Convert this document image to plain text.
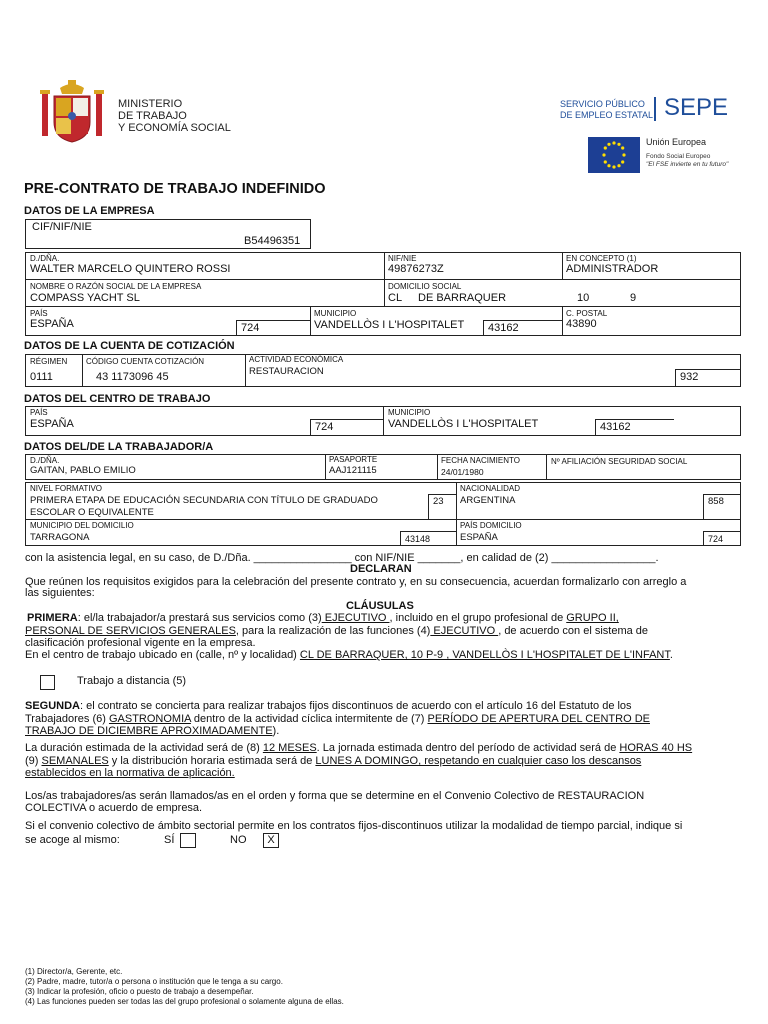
MINISTERIO
DE TRABAJO
Y ECONOMÍA SOCIAL
SERVICIO PÚBLICO
DE EMPLEO ESTATAL SEPE
Unión Europea
Fondo Social Europeo
"El FSE invierte en tu futuro"
PRE-CONTRATO DE TRABAJO INDEFINIDO
DATOS DE LA EMPRESA
CIF/NIF/NIE
B54496351
D./DÑA.
WALTER MARCELO QUINTERO ROSSI
NIF/NIE
49876273Z
EN CONCEPTO (1)
ADMINISTRADOR
NOMBRE O RAZÓN SOCIAL DE LA EMPRESA
COMPASS YACHT SL
DOMICILIO SOCIAL
CL DE BARRAQUER	10	9
PAÍS
ESPAÑA	724
MUNICIPIO
VANDELLÒS I L'HOSPITALET	43162
C. POSTAL
43890
DATOS DE LA CUENTA DE COTIZACIÓN
RÉGIMEN
0111
CÓDIGO CUENTA COTIZACIÓN
43 1173096 45
ACTIVIDAD ECONÓMICA
RESTAURACION	932
DATOS DEL CENTRO DE TRABAJO
PAÍS
ESPAÑA	724
MUNICIPIO
VANDELLÒS I L'HOSPITALET	43162
DATOS DEL/DE LA TRABAJADOR/A
D./DÑA.
GAITAN, PABLO EMILIO
PASAPORTE
AAJ121115
FECHA NACIMIENTO
24/01/1980
Nº AFILIACIÓN SEGURIDAD SOCIAL
NIVEL FORMATIVO
PRIMERA ETAPA DE EDUCACIÓN SECUNDARIA CON TÍTULO DE GRADUADO
ESCOLAR O EQUIVALENTE
23
NACIONALIDAD
ARGENTINA	858
MUNICIPIO DEL DOMICILIO
TARRAGONA	43148
PAÍS DOMICILIO
ESPAÑA	724
con la asistencia legal, en su caso, de D./Dña. ________________ con NIF/NIE _______, en calidad de (2) _________________.
DECLARAN
Que reúnen los requisitos exigidos para la celebración del presente contrato y, en su consecuencia, acuerdan formalizarlo con arreglo a
las siguientes:
CLÁUSULAS
PRIMERA: el/la trabajador/a prestará sus servicios como (3) EJECUTIVO , incluido en el grupo profesional de GRUPO II,
PERSONAL DE SERVICIOS GENERALES, para la realización de las funciones (4) EJECUTIVO , de acuerdo con el sistema de
clasificación profesional vigente en la empresa.
En el centro de trabajo ubicado en (calle, nº y localidad) CL DE BARRAQUER, 10 P-9 , VANDELLÒS I L'HOSPITALET DE L'INFANT.
Trabajo a distancia (5)
SEGUNDA: el contrato se concierta para realizar trabajos fijos discontinuos de acuerdo con el artículo 16 del Estatuto de los
Trabajadores (6) GASTRONOMIA dentro de la actividad cíclica intermitente de (7) PERÍODO DE APERTURA DEL CENTRO DE
TRABAJO DE DICIEMBRE APROXIMADAMENTE).
La duración estimada de la actividad será de (8) 12 MESES. La jornada estimada dentro del período de actividad será de HORAS 40 HS
(9) SEMANALES y la distribución horaria estimada será de LUNES A DOMINGO, respetando en cualquier caso los descansos
establecidos en la normativa de aplicación.
Los/as trabajadores/as serán llamados/as en el orden y forma que se determine en el Convenio Colectivo de RESTAURACION
COLECTIVA o acuerdo de empresa.
Si el convenio colectivo de ámbito sectorial permite en los contratos fijos-discontinuos utilizar la modalidad de tiempo parcial, indique si
se acoge al mismo:	SÍ	NO	X
(1) Director/a, Gerente, etc.
(2) Padre, madre, tutor/a o persona o institución que le tenga a su cargo.
(3) Indicar la profesión, oficio o puesto de trabajo a desempeñar.
(4) Las funciones pueden ser todas las del grupo profesional o solamente alguna de ellas.
